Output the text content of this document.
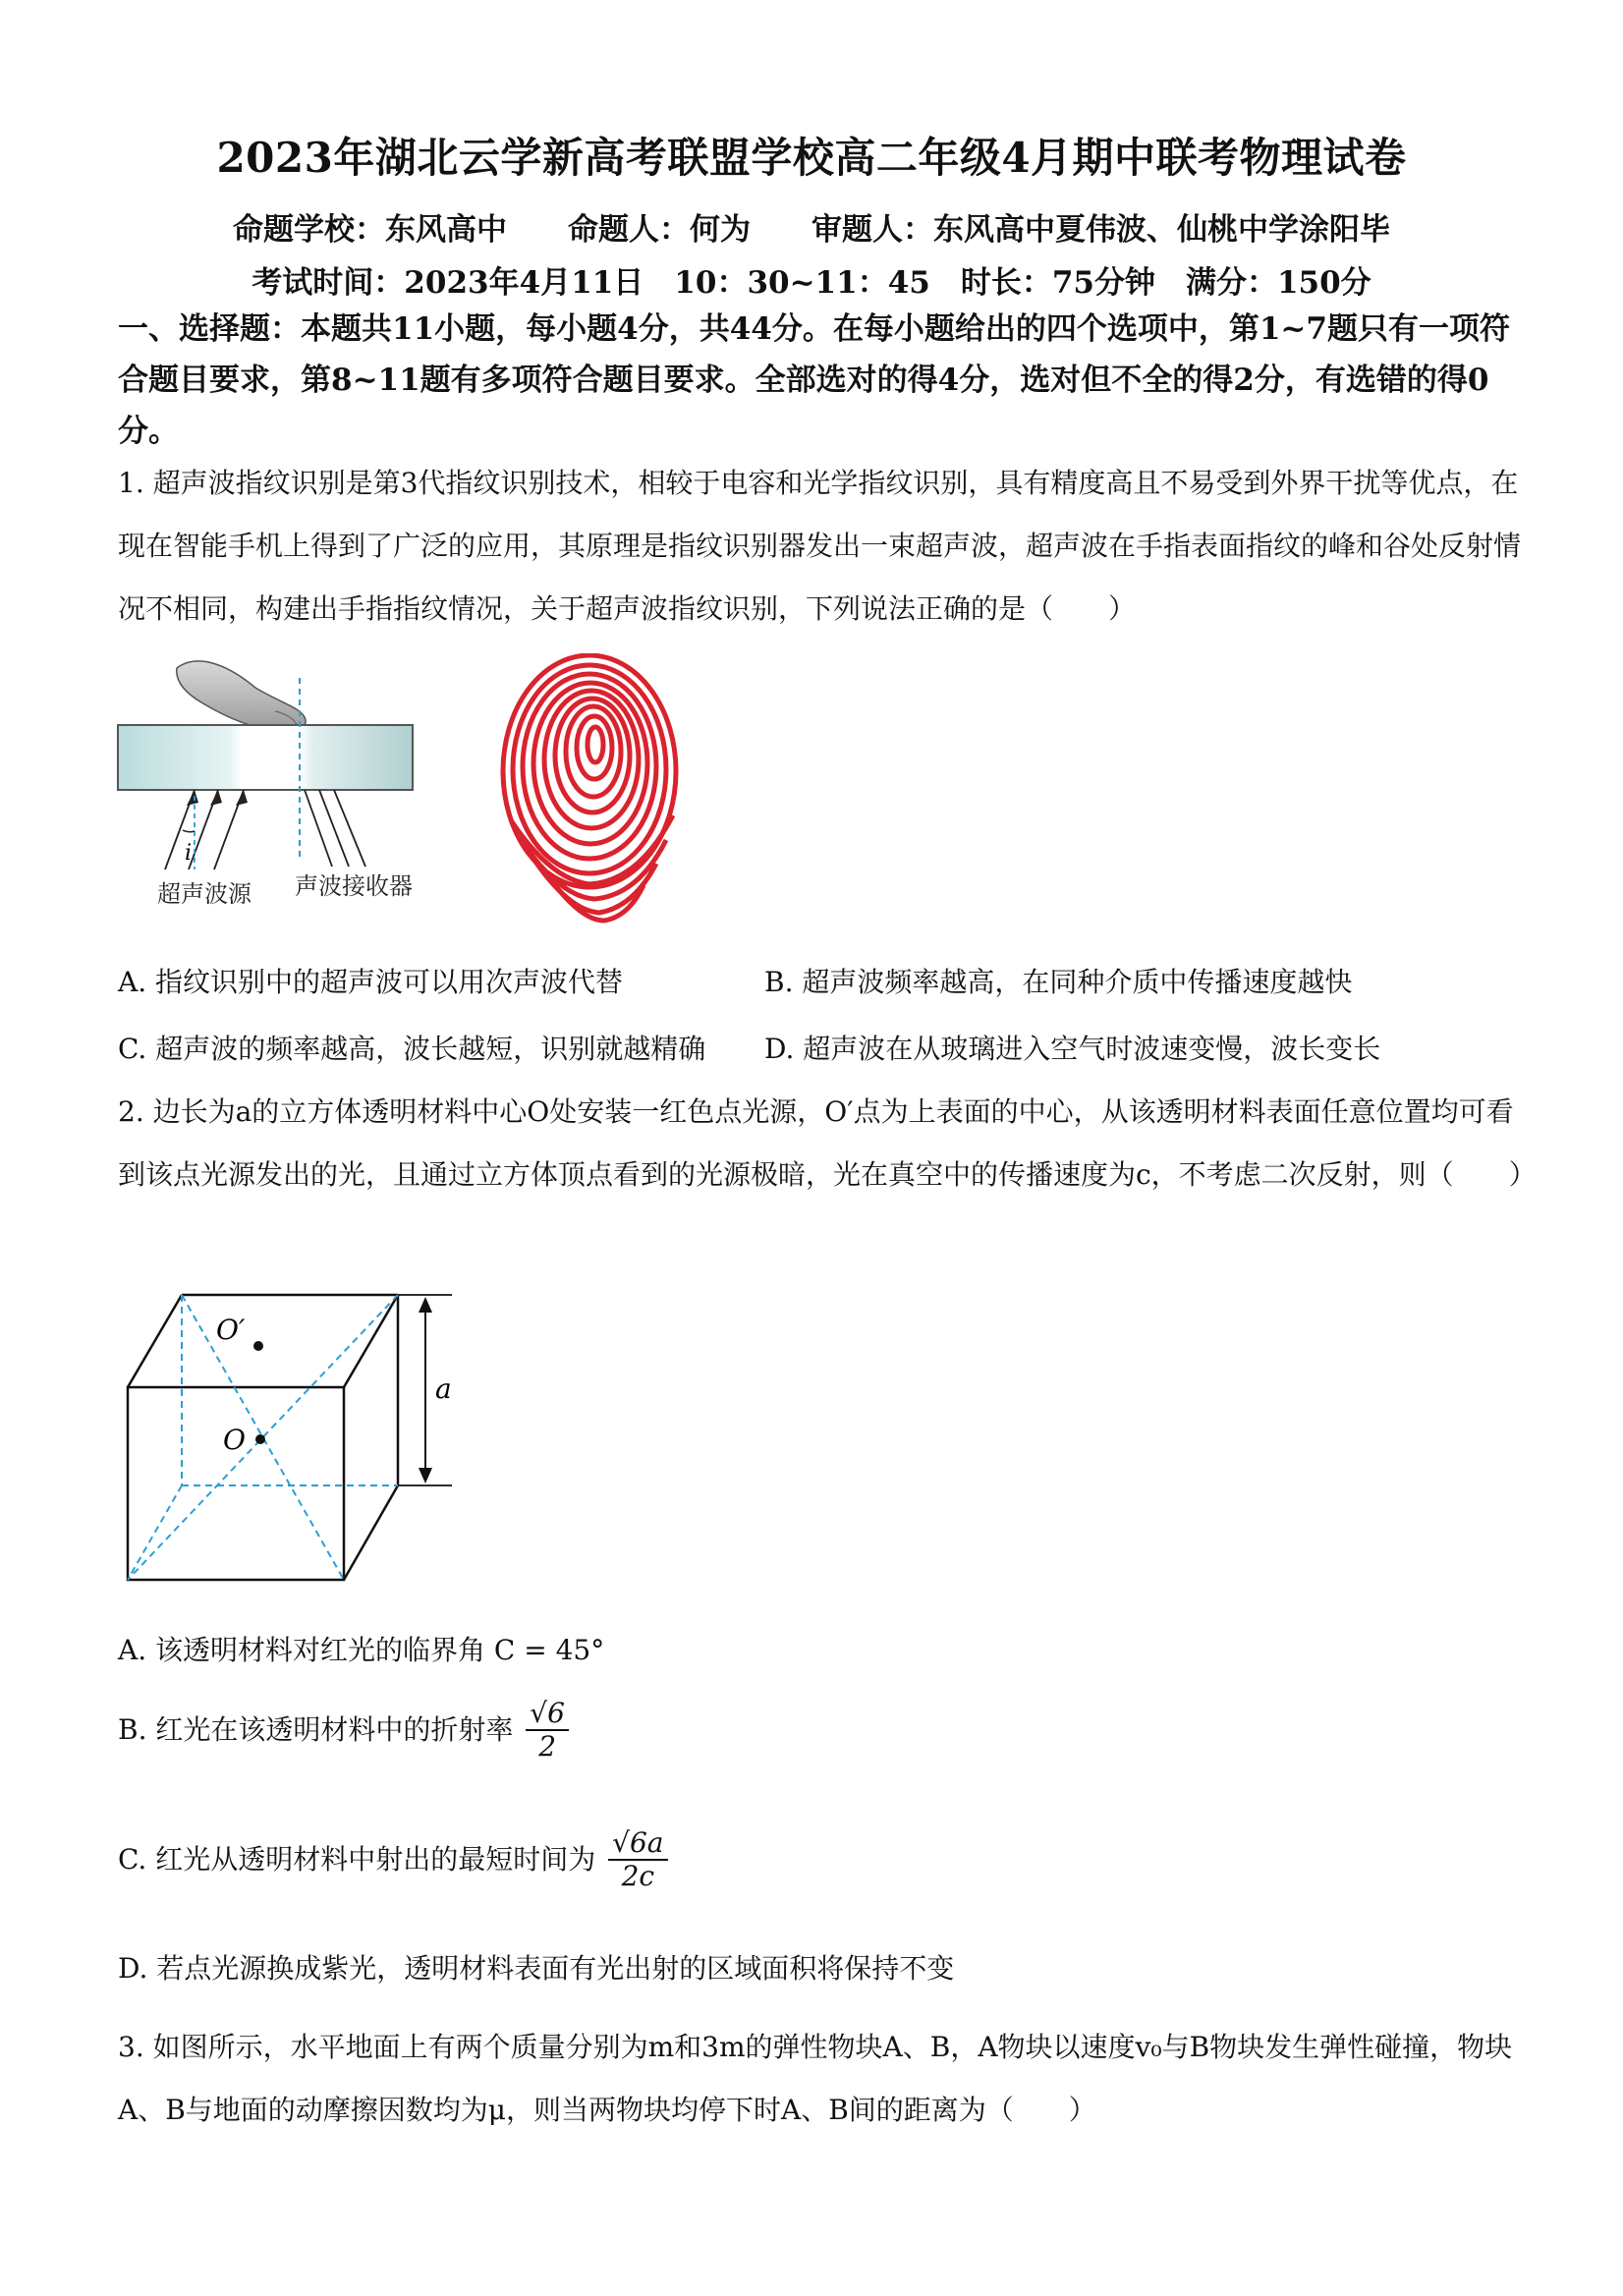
2023年湖北云学新高考联盟学校高二年级4月期中联考物理试卷
命题学校：东风高中　　命题人：何为　　审题人：东风高中夏伟波、仙桃中学涂阳毕
考试时间：2023年4月11日　10：30~11：45　时长：75分钟　满分：150分
一、选择题：本题共11小题，每小题4分，共44分。在每小题给出的四个选项中，第1~7题只有一项符合题目要求，第8~11题有多项符合题目要求。全部选对的得4分，选对但不全的得2分，有选错的得0分。
1. 超声波指纹识别是第3代指纹识别技术，相较于电容和光学指纹识别，具有精度高且不易受到外界干扰等优点，在现在智能手机上得到了广泛的应用，其原理是指纹识别器发出一束超声波，超声波在手指表面指纹的峰和谷处反射情况不相同，构建出手指指纹情况，关于超声波指纹识别，下列说法正确的是（　　）
i
超声波源 声波接收器
A. 指纹识别中的超声波可以用次声波代替	B. 超声波频率越高，在同种介质中传播速度越快
C. 超声波的频率越高，波长越短，识别就越精确 D. 超声波在从玻璃进入空气时波速变慢，波长变长
2. 边长为a的立方体透明材料中心O处安装一红色点光源，O′点为上表面的中心，从该透明材料表面任意位置均可看到该点光源发出的光，且通过立方体顶点看到的光源极暗，光在真空中的传播速度为c，不考虑二次反射，则（　　）
O′
O
a
A. 该透明材料对红光的临界角 C = 45°
B. 红光在该透明材料中的折射率 $\frac{√6}{2}$
C. 红光从透明材料中射出的最短时间为 $\frac{√6a}{2c}$
D. 若点光源换成紫光，透明材料表面有光出射的区域面积将保持不变
3. 如图所示，水平地面上有两个质量分别为m和3m的弹性物块A、B，A物块以速度v₀与B物块发生弹性碰撞，物块A、B与地面的动摩擦因数均为μ，则当两物块均停下时A、B间的距离为（　　）
